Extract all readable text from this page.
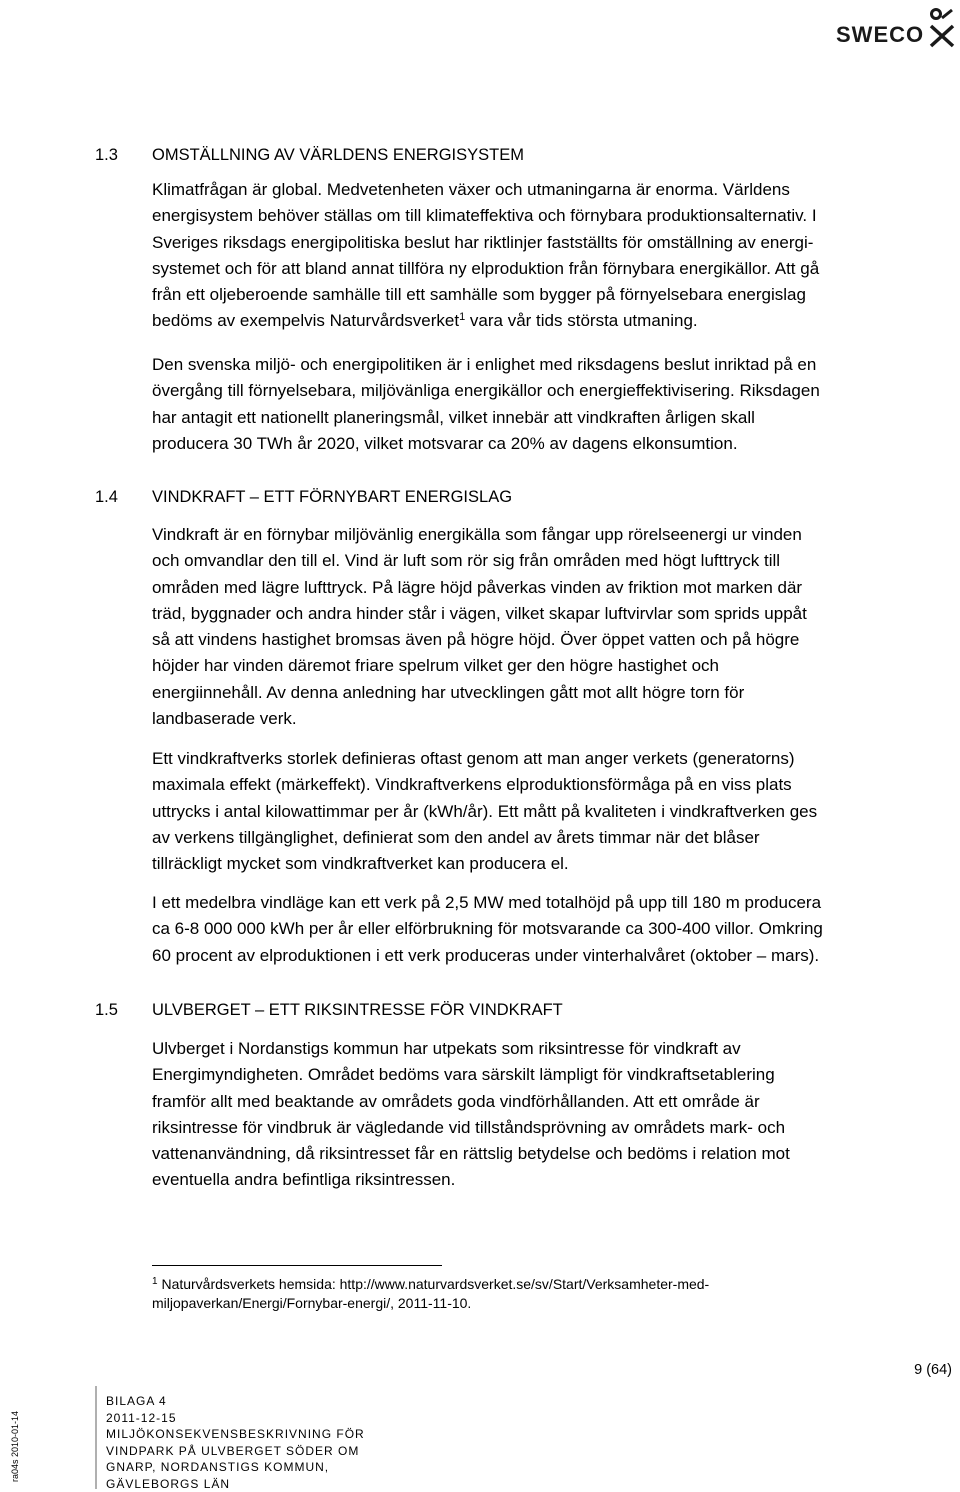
SWECO
1.3 OMSTÄLLNING AV VÄRLDENS ENERGISYSTEM
Klimatfrågan är global. Medvetenheten växer och utmaningarna är enorma. Världens
energisystem behöver ställas om till klimateffektiva och förnybara produktionsalternativ. I
Sveriges riksdags energipolitiska beslut har riktlinjer fastställts för omställning av energi-
systemet och för att bland annat tillföra ny elproduktion från förnybara energikällor. Att gå
från ett oljeberoende samhälle till ett samhälle som bygger på förnyelsebara energislag
bedöms av exempelvis Naturvårdsverket$^1$ vara vår tids största utmaning.
Den svenska miljö- och energipolitiken är i enlighet med riksdagens beslut inriktad på en
övergång till förnyelsebara, miljövänliga energikällor och energieffektivisering. Riksdagen
har antagit ett nationellt planeringsmål, vilket innebär att vindkraften årligen skall
producera 30 TWh år 2020, vilket motsvarar ca 20% av dagens elkonsumtion.
1.4 VINDKRAFT – ETT FÖRNYBART ENERGISLAG
Vindkraft är en förnybar miljövänlig energikälla som fångar upp rörelseenergi ur vinden
och omvandlar den till el. Vind är luft som rör sig från områden med högt lufttryck till
områden med lägre lufttryck. På lägre höjd påverkas vinden av friktion mot marken där
träd, byggnader och andra hinder står i vägen, vilket skapar luftvirvlar som sprids uppåt
så att vindens hastighet bromsas även på högre höjd. Över öppet vatten och på högre
höjder har vinden däremot friare spelrum vilket ger den högre hastighet och
energiinnehåll. Av denna anledning har utvecklingen gått mot allt högre torn för
landbaserade verk.
Ett vindkraftverks storlek definieras oftast genom att man anger verkets (generatorns)
maximala effekt (märkeffekt). Vindkraftverkens elproduktionsförmåga på en viss plats
uttrycks i antal kilowattimmar per år (kWh/år). Ett mått på kvaliteten i vindkraftverken ges
av verkens tillgänglighet, definierat som den andel av årets timmar när det blåser
tillräckligt mycket som vindkraftverket kan producera el.
I ett medelbra vindläge kan ett verk på 2,5 MW med totalhöjd på upp till 180 m producera
ca 6-8 000 000 kWh per år eller elförbrukning för motsvarande ca 300-400 villor. Omkring
60 procent av elproduktionen i ett verk produceras under vinterhalvåret (oktober – mars).
1.5 ULVBERGET – ETT RIKSINTRESSE FÖR VINDKRAFT
Ulvberget i Nordanstigs kommun har utpekats som riksintresse för vindkraft av
Energimyndigheten. Området bedöms vara särskilt lämpligt för vindkraftsetablering
framför allt med beaktande av områdets goda vindförhållanden. Att ett område är
riksintresse för vindbruk är vägledande vid tillståndsprövning av områdets mark- och
vattenanvändning, då riksintresset får en rättslig betydelse och bedöms i relation mot
eventuella andra befintliga riksintressen.
$^1$ Naturvårdsverkets hemsida: http://www.naturvardsverket.se/sv/Start/Verksamheter-med-
miljopaverkan/Energi/Fornybar-energi/, 2011-11-10.
9 (64)
ra04s 2010-01-14
BILAGA 4
2011-12-15
MILJÖKONSEKVENSBESKRIVNING FÖR
VINDPARK PÅ ULVBERGET SÖDER OM
GNARP, NORDANSTIGS KOMMUN,
GÄVLEBORGS LÄN
